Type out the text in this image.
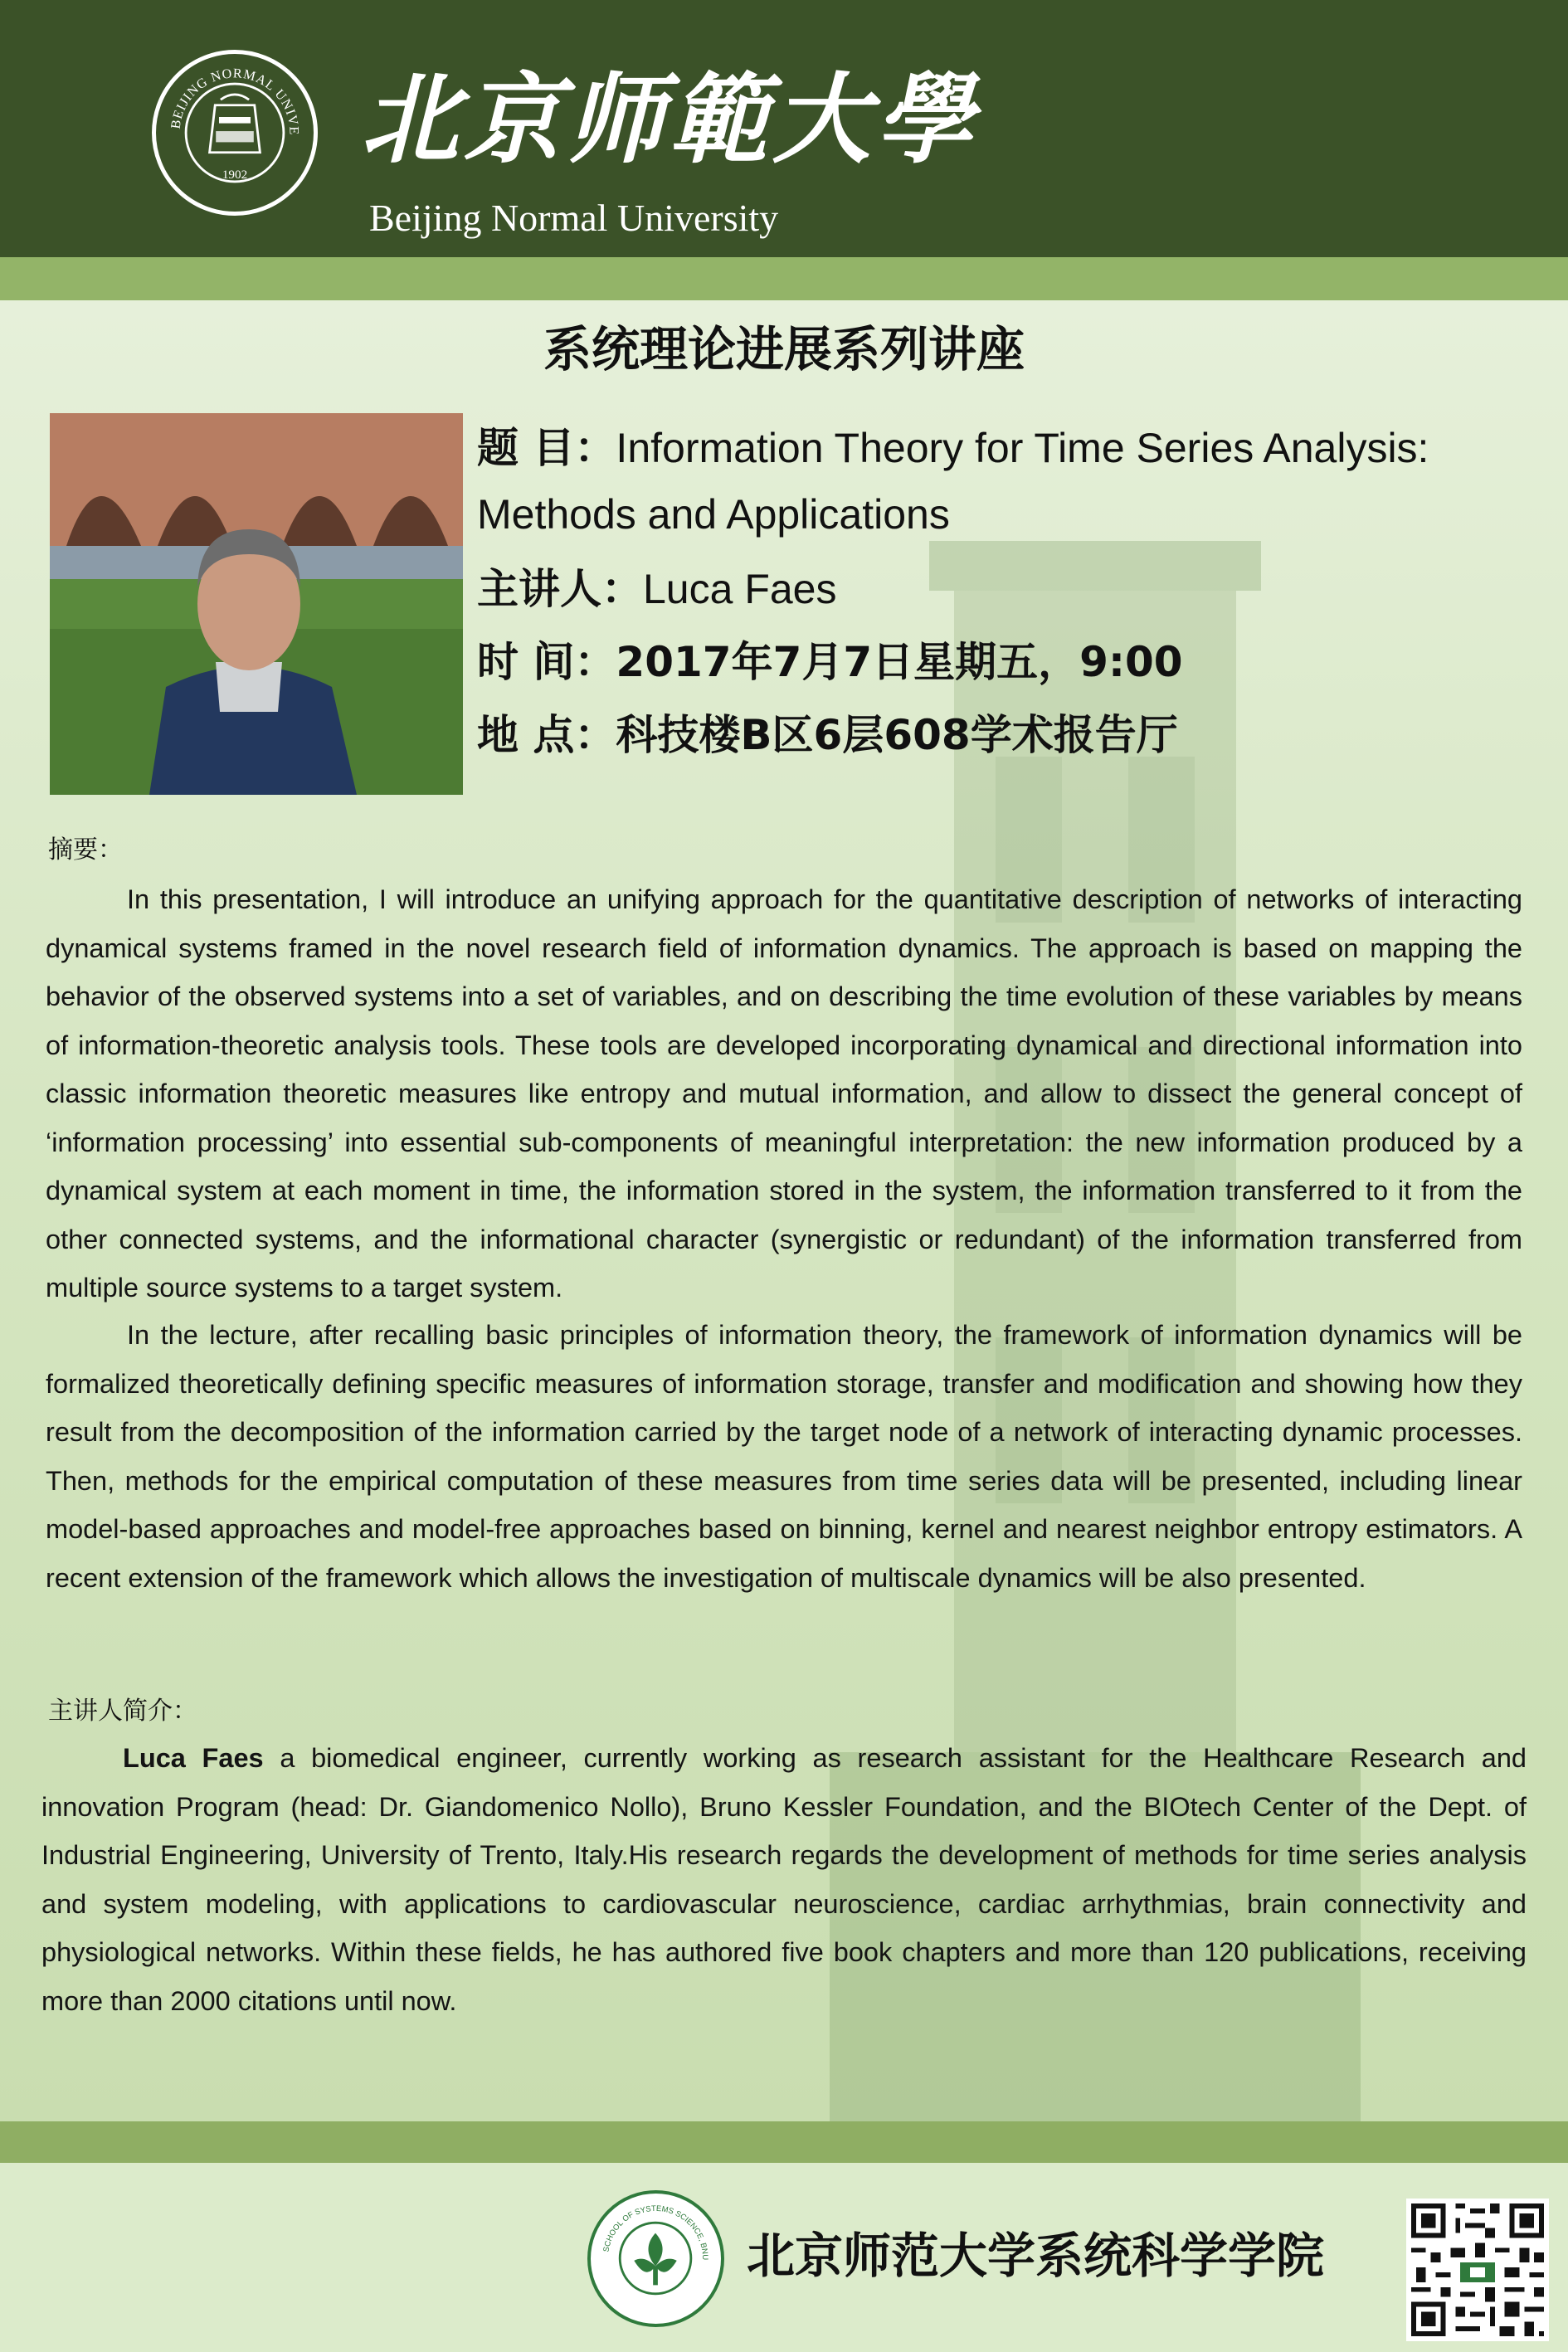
BEIJING NORMAL UNIVE
1902 北京师範大學
Beijing Normal University
系统理论进展系列讲座
题 目：Information Theory for Time Series Analysis:
Methods and Applications
主讲人：Luca Faes
时 间：2017年7月7日星期五，9:00
地 点：科技楼B区6层608学术报告厅
摘要：

In this presentation, I will introduce an unifying approach for the quantitative description of networks of interacting dynamical systems framed in the novel research field of information dynamics. The approach is based on mapping the behavior of the observed systems into a set of variables, and on describing the time evolution of these variables by means of information-theoretic analysis tools. These tools are developed incorporating dynamical and directional information into classic information theoretic measures like entropy and mutual information, and allow to dissect the general concept of ‘information processing’ into essential sub-components of meaningful interpretation: the new information produced by a dynamical system at each moment in time, the information stored in the system, the information transferred to it from the other connected systems, and the informational character (synergistic or redundant) of the information transferred from multiple source systems to a target system.

In the lecture, after recalling basic principles of information theory, the framework of information dynamics will be formalized theoretically defining specific measures of information storage, transfer and modification and showing how they result from the decomposition of the information carried by the target node of a network of interacting dynamic processes. Then, methods for the empirical computation of these measures from time series data will be presented, including linear model-based approaches and model-free approaches based on binning, kernel and nearest neighbor entropy estimators. A recent extension of the framework which allows the investigation of multiscale dynamics will be also presented.

主讲人简介：

Luca Faes a biomedical engineer, currently working as research assistant for the Healthcare Research and innovation Program (head: Dr. Giandomenico Nollo), Bruno Kessler Foundation, and the BIOtech Center of the Dept. of Industrial Engineering, University of Trento, Italy.His research regards the development of methods for time series analysis and system modeling, with applications to cardiovascular neuroscience, cardiac arrhythmias, brain connectivity and physiological networks. Within these fields, he has authored five book chapters and more than 120 publications, receiving more than 2000 citations until now.

SCHOOL OF SYSTEMS SCIENCE, BNU 北京师范大学系统科学学院
